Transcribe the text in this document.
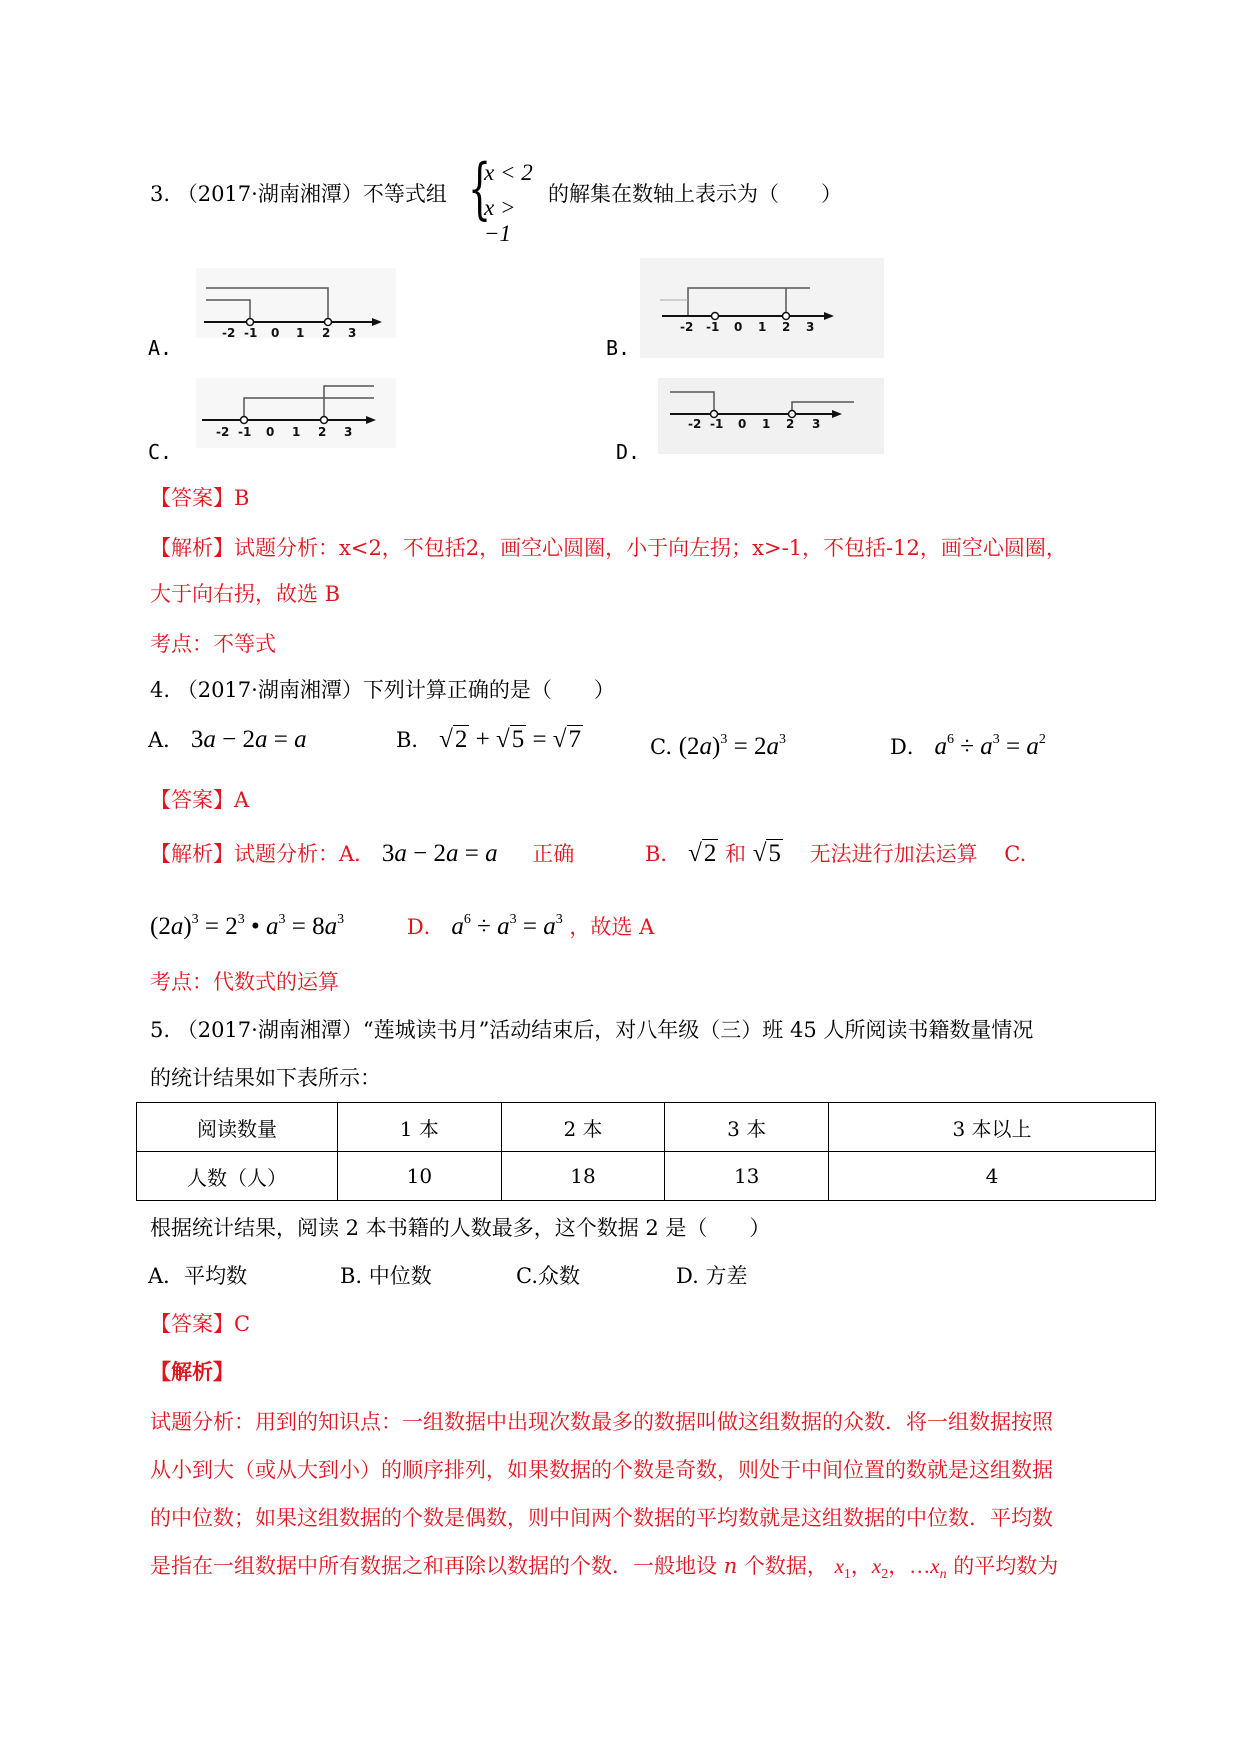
3. （2017·湖南湘潭）不等式组 {
x < 2
x > −1
的解集在数轴上表示为（　　）
A.	B.
C.	D.
-2 -1 0 1 2 3	-2 -1 0 1 2 3
-2 -1 0 1 2 3
-2 -1 0 1 2 3
【答案】B
【解析】试题分析：x<2，不包括2，画空心圆圈，小于向左拐；x>-1，不包括-12，画空心圆圈，
大于向右拐，故选 B
考点：不等式
4. （2017·湖南湘潭）下列计算正确的是（　　）
A． 3a − 2a = a	B． √2 + √5 = √7	C. $(2a)^3 = 2a^3$	D． $a^6 \div a^3 = a^2$
【答案】A
【解析】试题分析：A． 3a − 2a = a 正确	B． √2 和 √5 无法进行加法运算 C.
$(2a)^3 = 2^3$ • $a^3 = 8a^3$	D． $a^6 \div a^3 = a^3$ ，故选 A
考点：代数式的运算
5. （2017·湖南湘潭）“莲城读书月”活动结束后，对八年级（三）班 45 人所阅读书籍数量情况
的统计结果如下表所示：
阅读数量	1 本	2 本	3 本	3 本以上
人数（人）	10	18	13	4
根据统计结果，阅读 2 本书籍的人数最多，这个数据 2 是（　　）
A．平均数	B. 中位数	C.众数	D. 方差
【答案】C
【解析】
试题分析：用到的知识点：一组数据中出现次数最多的数据叫做这组数据的众数．将一组数据按照
从小到大（或从大到小）的顺序排列，如果数据的个数是奇数，则处于中间位置的数就是这组数据
的中位数；如果这组数据的个数是偶数，则中间两个数据的平均数就是这组数据的中位数．平均数
是指在一组数据中所有数据之和再除以数据的个数．一般地设 n 个数据， $x_1$，$x_2$，$\dots x_n$ 的平均数为
